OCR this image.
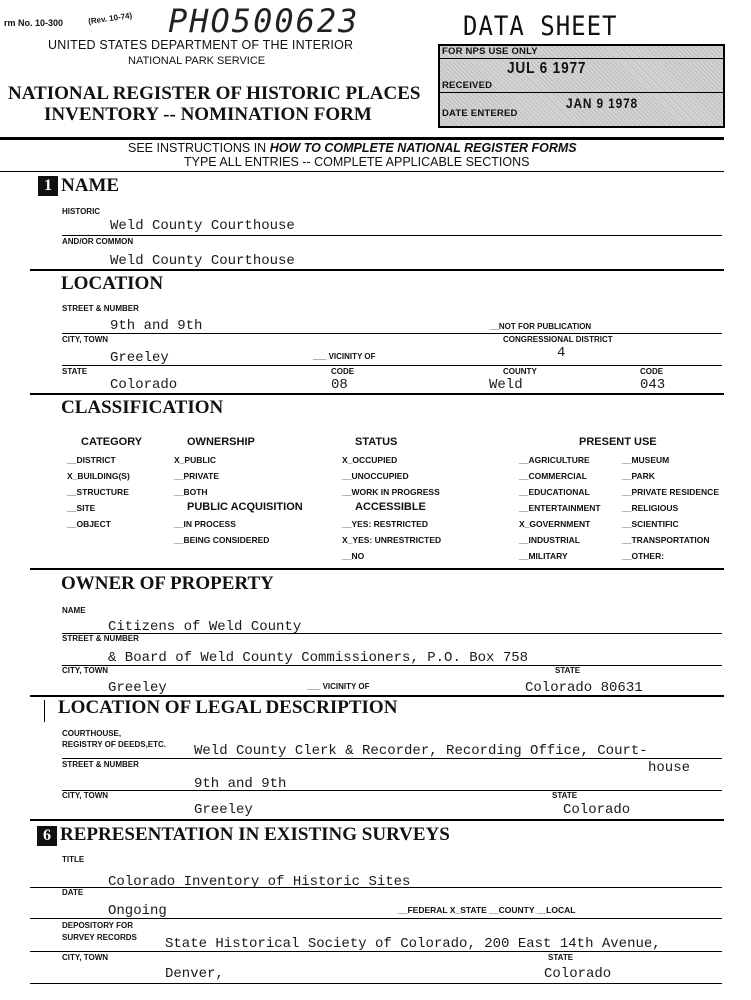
rm No. 10-300	(Rev. 10-74) PHO500623
UNITED STATES DEPARTMENT OF THE INTERIOR
NATIONAL PARK SERVICE
NATIONAL REGISTER OF HISTORIC PLACES
INVENTORY -- NOMINATION FORM
DATA SHEET
FOR NPS USE ONLY
RECEIVED
JUL 6 1977
DATE ENTERED
JAN 9 1978
SEE INSTRUCTIONS IN HOW TO COMPLETE NATIONAL REGISTER FORMS
TYPE ALL ENTRIES -- COMPLETE APPLICABLE SECTIONS
1 NAME
HISTORIC
Weld County Courthouse
AND/OR COMMON
Weld County Courthouse
LOCATION
STREET & NUMBER
9th and 9th	__NOT FOR PUBLICATION
CITY, TOWN	CONGRESSIONAL DISTRICT
Greeley	___ VICINITY OF	4
STATE	CODE	COUNTY	CODE
Colorado	08	Weld	043
CLASSIFICATION
CATEGORY
__DISTRICT
X_BUILDING(S)
__STRUCTURE
__SITE
__OBJECT
OWNERSHIP
X_PUBLIC
__PRIVATE
__BOTH
PUBLIC ACQUISITION
__IN PROCESS
__BEING CONSIDERED
STATUS
X_OCCUPIED
__UNOCCUPIED
__WORK IN PROGRESS
ACCESSIBLE
__YES: RESTRICTED
X_YES: UNRESTRICTED
__NO
PRESENT USE
__AGRICULTURE
__COMMERCIAL
__EDUCATIONAL
__ENTERTAINMENT
X_GOVERNMENT
__INDUSTRIAL
__MILITARY
__MUSEUM
__PARK
__PRIVATE RESIDENCE
__RELIGIOUS
__SCIENTIFIC
__TRANSPORTATION
__OTHER:
OWNER OF PROPERTY
NAME
Citizens of Weld County
STREET & NUMBER
& Board of Weld County Commissioners, P.O. Box 758
CITY, TOWN	STATE
Greeley	___ VICINITY OF	Colorado 80631
LOCATION OF LEGAL DESCRIPTION
COURTHOUSE,
REGISTRY OF DEEDS,ETC. Weld County Clerk & Recorder, Recording Office, Court-
STREET & NUMBER	house
9th and 9th
CITY, TOWN	STATE
Greeley	Colorado
6 REPRESENTATION IN EXISTING SURVEYS
TITLE
Colorado Inventory of Historic Sites
DATE
Ongoing	__FEDERAL X_STATE __COUNTY __LOCAL
DEPOSITORY FOR
SURVEY RECORDS State Historical Society of Colorado, 200 East 14th Avenue,
CITY, TOWN	STATE
Denver,	Colorado
